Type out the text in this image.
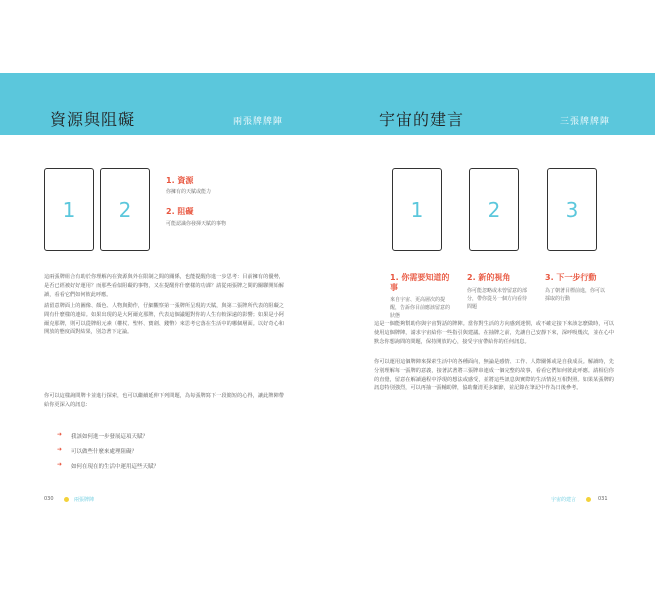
資源與阻礙	兩張牌牌陣	宇宙的建言	三張牌牌陣
1	2
1. 資源
你擁有的天賦或能力
2. 阻礙
可能認識你發揮天賦的事物

這兩張牌組合有助於你理解內在資源與外在限制之間的關係，也能提醒你進一步思考：目前擁有的優勢，是否已經被好好運用？而那些看似阻礙的事物，又在提醒你什麼樣的功課？請從兩張牌之間的關聯開始解讀，看看它們如何彼此呼應。

請留意牌面上的圖像、顏色、人物與動作，仔細觀察第一張牌所呈現的天賦，與第二張牌所代表的阻礙之間有什麼樣的連結。如果出現的是大阿爾克那牌，代表這個議題對你的人生有較深遠的影響；如果是小阿爾克那牌，則可以從牌組元素（權杖、聖杯、寶劍、錢幣）來思考它落在生活中的哪個層面。以好奇心和開放的態度面對結果，別急著下定論。

你可以這樣詢問牌卡並進行探索，也可以繼續延伸下列問題，為每張牌寫下一段簡短的心得，讓此牌陣帶給你更深入的訊息：

➜ 我該如何進一步發展這項天賦？
➜ 可以做些什麼來處理阻礙？
➜ 如何在現在的生活中運用這些天賦？
030	兩張牌陣
1	2	3
1. 你需要知道的事
來自宇宙、更高層次的提醒，告訴你目前應該留意的狀態
2. 新的視角
你可能忽略或未曾留意的部分，帶你從另一個方向看待問題
3. 下一步行動
為了朝著目標前進，你可以採取的行動

這是一個能夠幫助你與宇宙對話的牌陣。當你對生活的方向感到迷惘，或不確定接下來該怎麼做時，可以使用這個牌陣，請求宇宙給你一些指引與建議。在抽牌之前，先讓自己安靜下來，深呼吸幾次，並在心中默念你想詢問的問題，保持開放的心，接受宇宙帶給你的任何訊息。

你可以運用這個牌陣來探索生活中的各種面向，無論是感情、工作、人際關係或是自我成長。解讀時，先分別理解每一張牌的意義，接著試著將三張牌串連成一個完整的故事，看看它們如何彼此呼應。請相信你的直覺，留意在解讀過程中浮現的想法或感受，並將這些訊息與實際的生活情況互相對照。如果某張牌的訊息特別強烈，可以再抽一張輔助牌，協助釐清更多細節，並記錄在筆記中作為日後參考。

宇宙的建言	031
